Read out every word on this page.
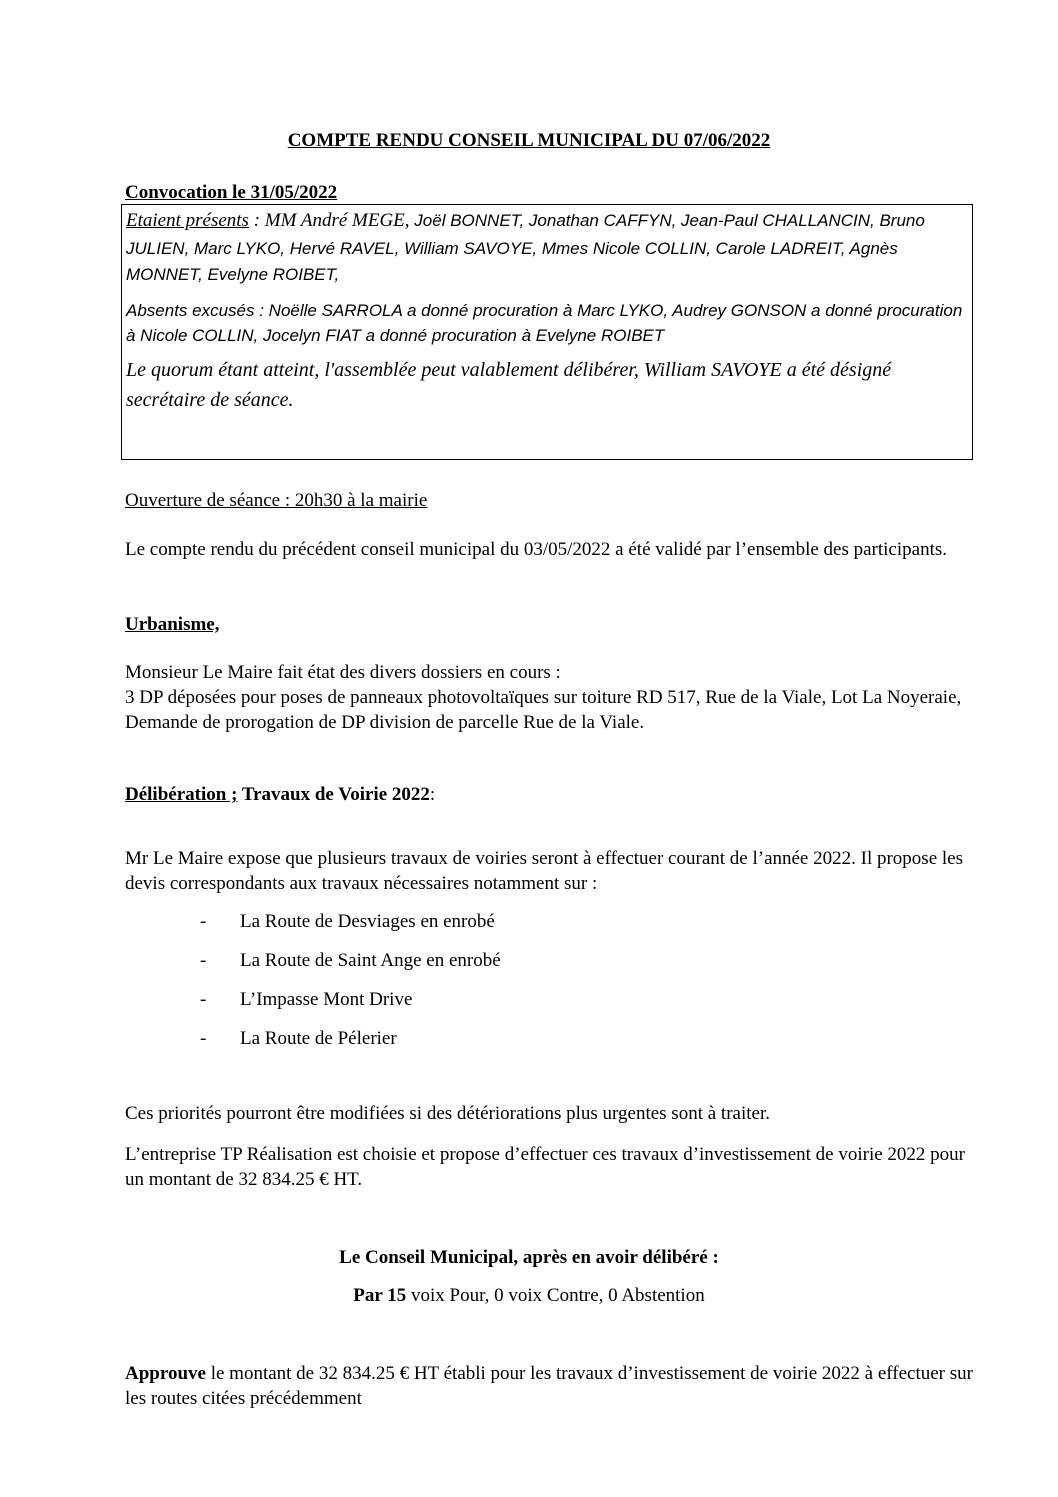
COMPTE RENDU CONSEIL MUNICIPAL DU 07/06/2022
Convocation le 31/05/2022

Etaient présents : MM André MEGE, Joël BONNET, Jonathan CAFFYN, Jean-Paul CHALLANCIN, Bruno JULIEN, Marc LYKO, Hervé RAVEL, William SAVOYE, Mmes Nicole COLLIN, Carole LADREIT, Agnès MONNET, Evelyne ROIBET,

Absents excusés : Noëlle SARROLA a donné procuration à Marc LYKO, Audrey GONSON a donné procuration à Nicole COLLIN, Jocelyn FIAT a donné procuration à Evelyne ROIBET

Le quorum étant atteint, l'assemblée peut valablement délibérer, William SAVOYE a été désigné secrétaire de séance.

Ouverture de séance : 20h30 à la mairie

Le compte rendu du précédent conseil municipal du 03/05/2022 a été validé par l’ensemble des participants.

Urbanisme,

Monsieur Le Maire fait état des divers dossiers en cours :
3 DP déposées pour poses de panneaux photovoltaïques sur toiture RD 517, Rue de la Viale, Lot La Noyeraie,
Demande de prorogation de DP division de parcelle Rue de la Viale.

Délibération ; Travaux de Voirie 2022:

Mr Le Maire expose que plusieurs travaux de voiries seront à effectuer courant de l’année 2022. Il propose les devis correspondants aux travaux nécessaires notamment sur :

-	La Route de Desviages en enrobé
-	La Route de Saint Ange en enrobé
-	L’Impasse Mont Drive
-	La Route de Pélerier

Ces priorités pourront être modifiées si des détériorations plus urgentes sont à traiter.

L’entreprise TP Réalisation est choisie et propose d’effectuer ces travaux d’investissement de voirie 2022 pour un montant de 32 834.25 € HT.

Le Conseil Municipal, après en avoir délibéré :

Par 15 voix Pour, 0 voix Contre, 0 Abstention

Approuve le montant de 32 834.25 € HT établi pour les travaux d’investissement de voirie 2022 à effectuer sur les routes citées précédemment
